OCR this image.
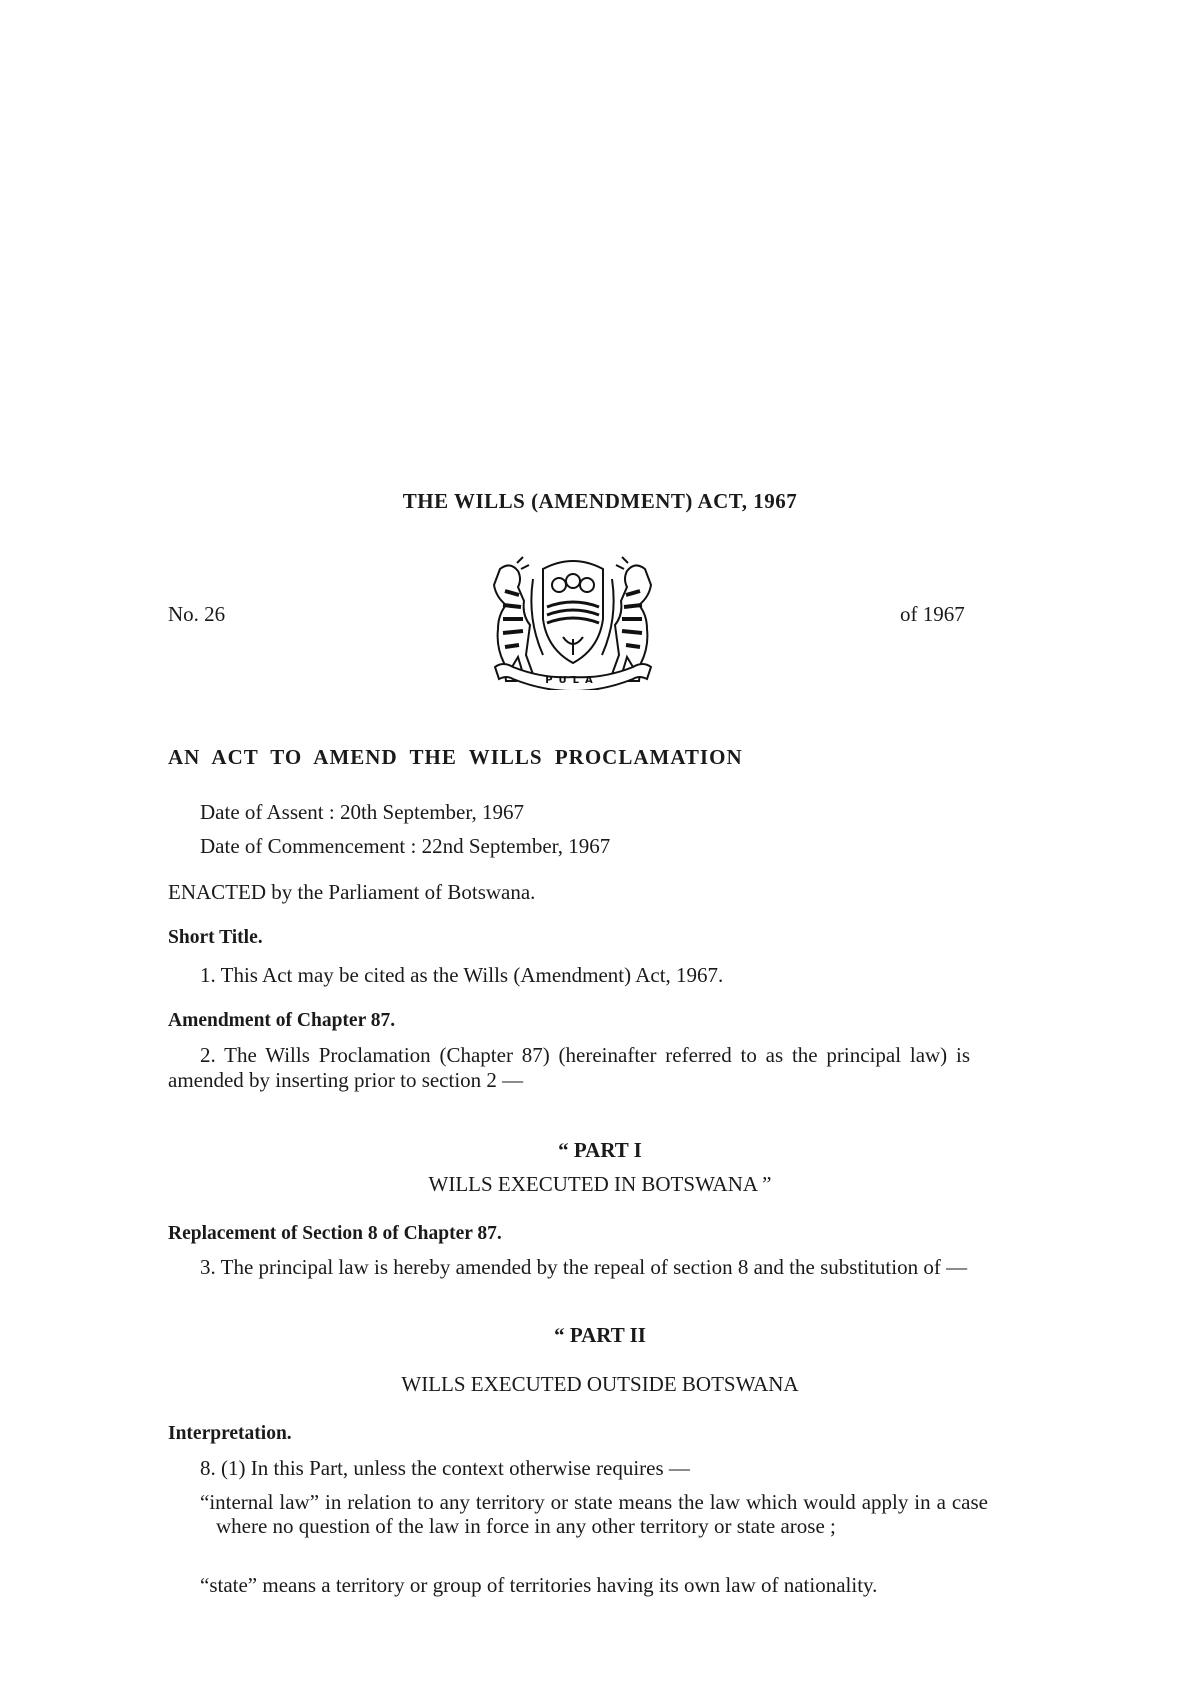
THE WILLS (AMENDMENT) ACT, 1967
No. 26	of 1967
PULA
AN ACT TO AMEND THE WILLS PROCLAMATION
Date of Assent : 20th September, 1967
Date of Commencement : 22nd September, 1967
ENACTED by the Parliament of Botswana.
Short Title.
1. This Act may be cited as the Wills (Amendment) Act, 1967.
Amendment of Chapter 87.
2. The Wills Proclamation (Chapter 87) (hereinafter referred to as the principal law) is amended by inserting prior to section 2 —
“ PART I
WILLS EXECUTED IN BOTSWANA ”
Replacement of Section 8 of Chapter 87.
3. The principal law is hereby amended by the repeal of section 8 and the substitution of —
“ PART II
WILLS EXECUTED OUTSIDE BOTSWANA
Interpretation.
8. (1) In this Part, unless the context otherwise requires —
“internal law” in relation to any territory or state means the law which would apply in a case where no question of the law in force in any other territory or state arose ;
“state” means a territory or group of territories having its own law of nationality.
